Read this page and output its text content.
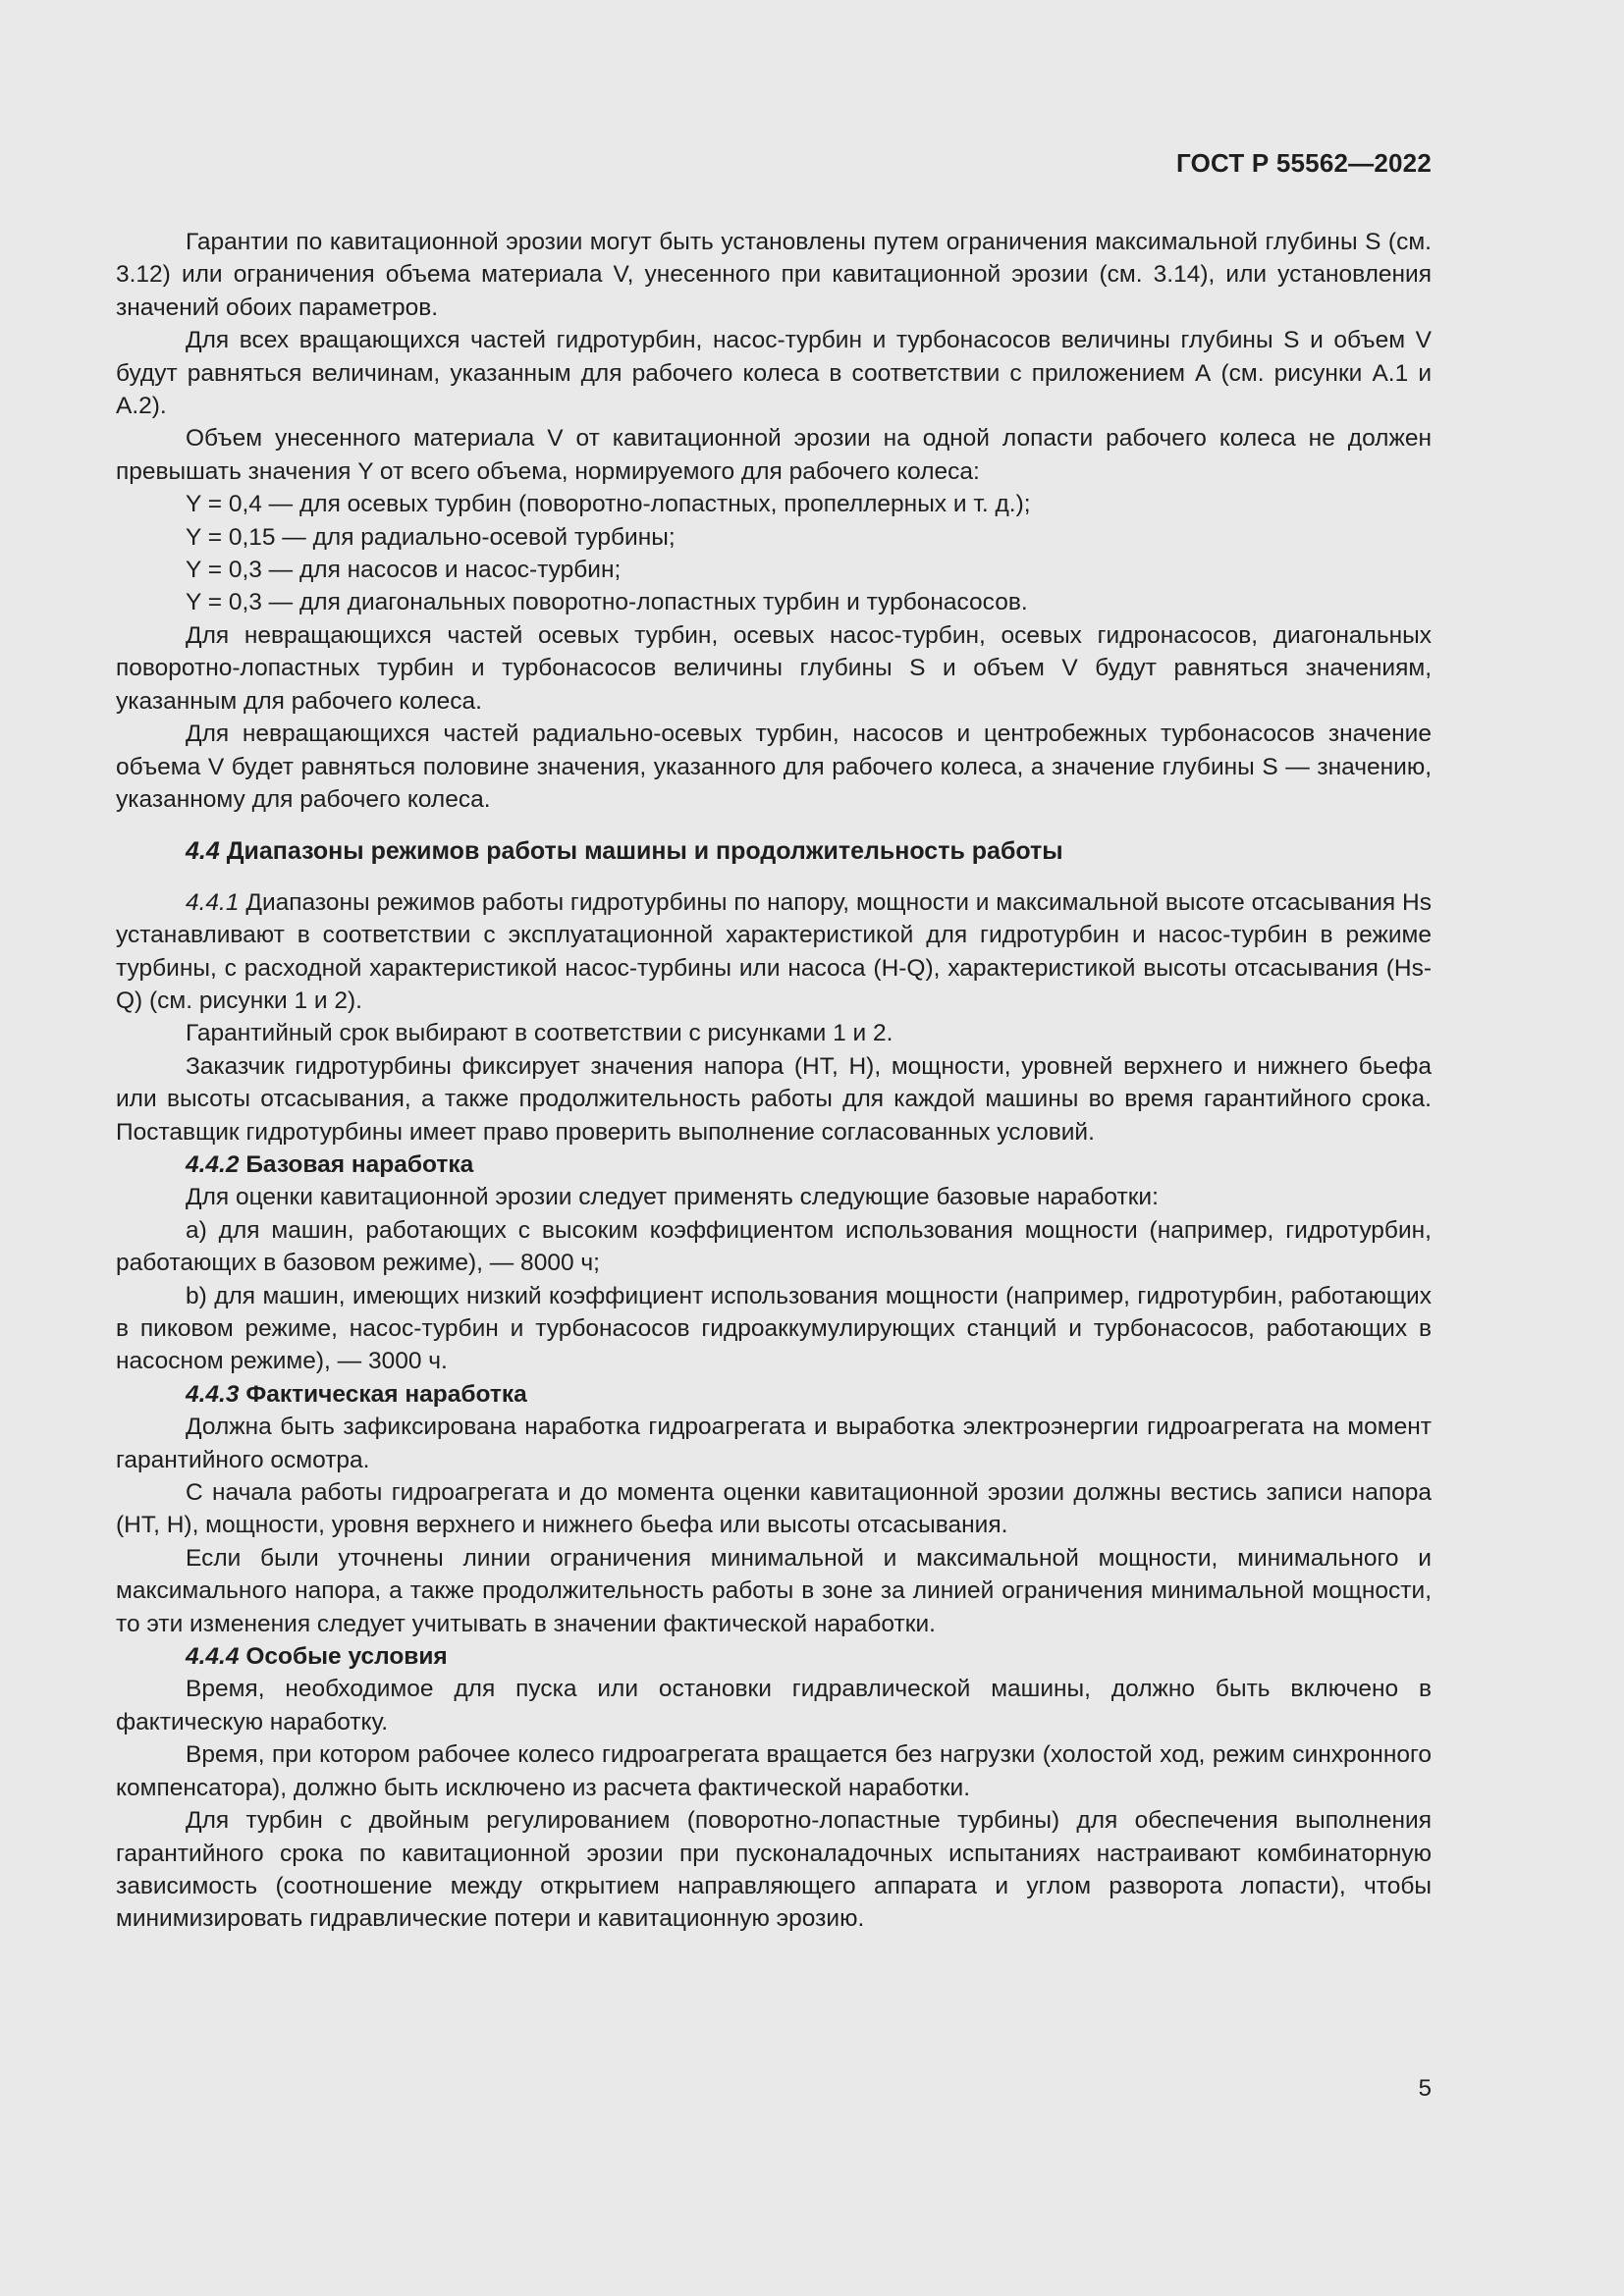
ГОСТ Р 55562—2022

Гарантии по кавитационной эрозии могут быть установлены путем ограничения максимальной глубины S (см. 3.12) или ограничения объема материала V, унесенного при кавитационной эрозии (см. 3.14), или установления значений обоих параметров.

Для всех вращающихся частей гидротурбин, насос-турбин и турбонасосов величины глубины S и объем V будут равняться величинам, указанным для рабочего колеса в соответствии с приложением А (см. рисунки А.1 и А.2).

Объем унесенного материала V от кавитационной эрозии на одной лопасти рабочего колеса не должен превышать значения Y от всего объема, нормируемого для рабочего колеса:

Y = 0,4 — для осевых турбин (поворотно-лопастных, пропеллерных и т. д.);

Y = 0,15 — для радиально-осевой турбины;

Y = 0,3 — для насосов и насос-турбин;

Y = 0,3 — для диагональных поворотно-лопастных турбин и турбонасосов.

Для невращающихся частей осевых турбин, осевых насос-турбин, осевых гидронасосов, диагональных поворотно-лопастных турбин и турбонасосов величины глубины S и объем V будут равняться значениям, указанным для рабочего колеса.

Для невращающихся частей радиально-осевых турбин, насосов и центробежных турбонасосов значение объема V будет равняться половине значения, указанного для рабочего колеса, а значение глубины S — значению, указанному для рабочего колеса.

4.4 Диапазоны режимов работы машины и продолжительность работы

4.4.1 Диапазоны режимов работы гидротурбины по напору, мощности и максимальной высоте отсасывания Hs устанавливают в соответствии с эксплуатационной характеристикой для гидротурбин и насос-турбин в режиме турбины, с расходной характеристикой насос-турбины или насоса (H-Q), характеристикой высоты отсасывания (Hs-Q) (см. рисунки 1 и 2).

Гарантийный срок выбирают в соответствии с рисунками 1 и 2.

Заказчик гидротурбины фиксирует значения напора (HT, H), мощности, уровней верхнего и нижнего бьефа или высоты отсасывания, а также продолжительность работы для каждой машины во время гарантийного срока. Поставщик гидротурбины имеет право проверить выполнение согласованных условий.

4.4.2 Базовая наработка

Для оценки кавитационной эрозии следует применять следующие базовые наработки:

а) для машин, работающих с высоким коэффициентом использования мощности (например, гидротурбин, работающих в базовом режиме), — 8000 ч;

b) для машин, имеющих низкий коэффициент использования мощности (например, гидротурбин, работающих в пиковом режиме, насос-турбин и турбонасосов гидроаккумулирующих станций и турбонасосов, работающих в насосном режиме), — 3000 ч.

4.4.3 Фактическая наработка

Должна быть зафиксирована наработка гидроагрегата и выработка электроэнергии гидроагрегата на момент гарантийного осмотра.

С начала работы гидроагрегата и до момента оценки кавитационной эрозии должны вестись записи напора (HT, H), мощности, уровня верхнего и нижнего бьефа или высоты отсасывания.

Если были уточнены линии ограничения минимальной и максимальной мощности, минимального и максимального напора, а также продолжительность работы в зоне за линией ограничения минимальной мощности, то эти изменения следует учитывать в значении фактической наработки.

4.4.4 Особые условия

Время, необходимое для пуска или остановки гидравлической машины, должно быть включено в фактическую наработку.

Время, при котором рабочее колесо гидроагрегата вращается без нагрузки (холостой ход, режим синхронного компенсатора), должно быть исключено из расчета фактической наработки.

Для турбин с двойным регулированием (поворотно-лопастные турбины) для обеспечения выполнения гарантийного срока по кавитационной эрозии при пусконаладочных испытаниях настраивают комбинаторную зависимость (соотношение между открытием направляющего аппарата и углом разворота лопасти), чтобы минимизировать гидравлические потери и кавитационную эрозию.

5
